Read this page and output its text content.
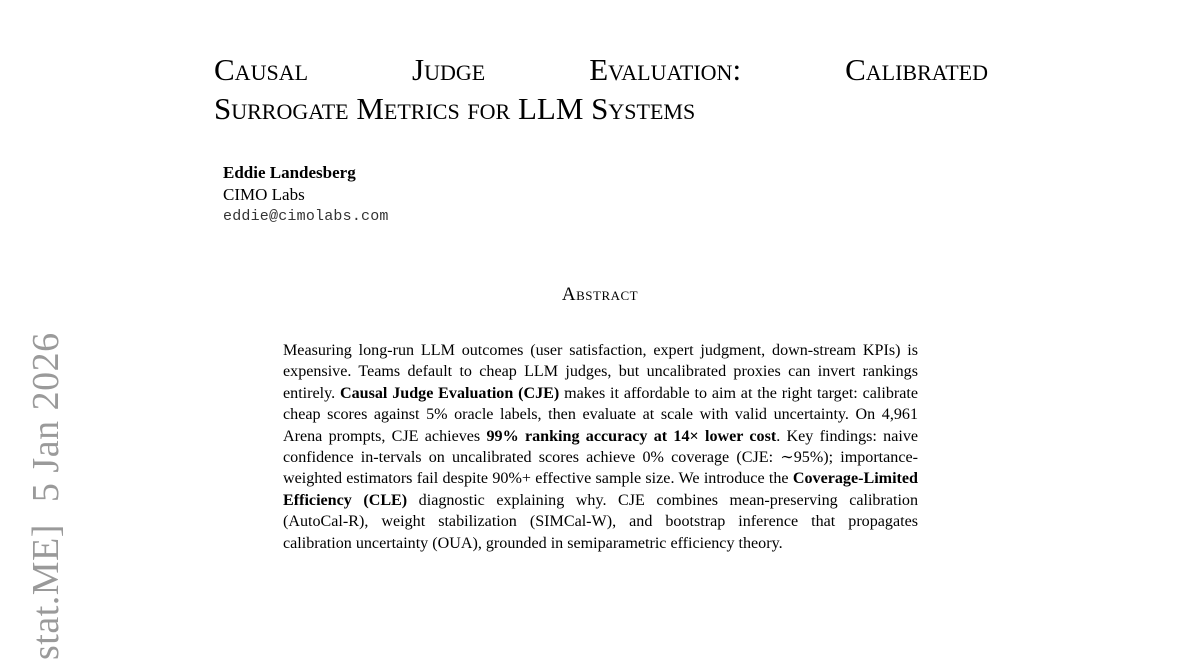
Causal	Judge	Evaluation:	Calibrated
Surrogate Metrics for LLM Systems
Eddie Landesberg
CIMO Labs
eddie@cimolabs.com
Abstract
Measuring long-run LLM outcomes (user satisfaction, expert judgment, down-stream KPIs) is expensive. Teams default to cheap LLM judges, but uncalibrated proxies can invert rankings entirely. Causal Judge Evaluation (CJE) makes it affordable to aim at the right target: calibrate cheap scores against 5% oracle labels, then evaluate at scale with valid uncertainty. On 4,961 Arena prompts, CJE achieves 99% ranking accuracy at 14× lower cost. Key findings: naive confidence in-tervals on uncalibrated scores achieve 0% coverage (CJE: ∼95%); importance-weighted estimators fail despite 90%+ effective sample size. We introduce the Coverage-Limited Efficiency (CLE) diagnostic explaining why. CJE combines mean-preserving calibration (AutoCal-R), weight stabilization (SIMCal-W), and bootstrap inference that propagates calibration uncertainty (OUA), grounded in semiparametric efficiency theory.
stat.ME]5 Jan 2026
